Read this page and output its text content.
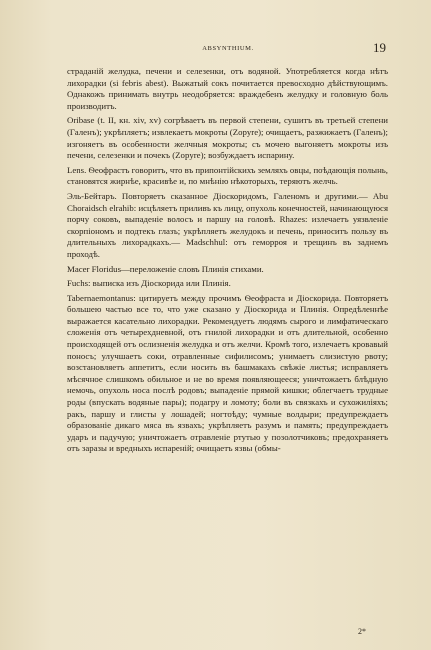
ABSYNTHIUM.	19

страданій желудка, печени и селезенки, отъ водяной. Употребляется когда нѣтъ лихорадки (si febris abest). Выжатый сокъ почитается превосходно дѣйствующимъ. Однакожъ принимать внутрь неодобряется: враждебенъ желудку и головную боль производитъ.

Oribase (t. II, кн. xiv, xv) согрѣваетъ въ первой степени, сушитъ въ третьей степени (Галенъ); укрѣпляетъ; извлекаетъ мокроты (Zopyre); очищаетъ, разжижаетъ (Галенъ); изгоняетъ въ особенности желчныя мокроты; съ мочею выгоняетъ мокроты изъ печени, селезенки и почекъ (Zopyre); возбуждаетъ испарину.

Lens. Ѳеофрастъ говоритъ, что въ припонтійскихъ земляхъ овцы, поѣдающія полынь, становятся жирнѣе, красивѣе и, по мнѣнію нѣкоторыхъ, теряютъ желчь.

Эль-Бейтаръ. Повторяетъ сказанное Діоскоридомъ, Галеномъ и другими.— Abu Choraidsch elrahib: исцѣляетъ приливъ къ лицу, опухоль конечностей, начинающуюся порчу соковъ, выпаденіе волосъ и паршу на головѣ. Rhazes: излечаетъ уязвленіе скорпіономъ и подтекъ глазъ; укрѣпляетъ желудокъ и печень, приноситъ пользу въ длительныхъ лихорадкахъ.— Madschhul: отъ геморроя и трещинъ въ заднемъ проходѣ.

Macer Floridus—переложеніе словъ Плинія стихами.

Fuchs: выписка изъ Діоскорида или Плинія.

Tabernaemontanus: цитируетъ между прочимъ Ѳеофраста и Діоскорида. Повторяетъ большею частью все то, что уже сказано у Діоскорида и Плинія. Опредѣленнѣе выражается касательно лихорадки. Рекомендуетъ людямъ сырого и лимфатическаго сложенія отъ четырехдневной, отъ гнилой лихорадки и отъ длительной, особенно происходящей отъ ослизненія желудка и отъ желчи. Кромѣ того, излечаетъ кровавый поносъ; улучшаетъ соки, отравленные сифилисомъ; унимаетъ слизистую рвоту; возстановляетъ аппетитъ, если носить въ башмакахъ свѣжіе листья; исправляетъ мѣсячное слишкомъ обильное и не во время появляющееся; уничтожаетъ блѣдную немочь, опухоль носа послѣ родовъ; выпаденіе прямой кишки; облегчаетъ трудные роды (впускать водяные пары); подагру и ломоту; боли въ связкахъ и сухожиліяхъ; ракъ, паршу и глисты у лошадей; ногтоѣду; чумные волдыри; предупреждаетъ образованіе дикаго мяса въ язвахъ; укрѣпляетъ разумъ и память; предупреждаетъ ударъ и падучую; уничтожаетъ отравленіе ртутью у позолотчиковъ; предохраняетъ отъ заразы и вредныхъ испареній; очищаетъ язвы (обмы-

2*
